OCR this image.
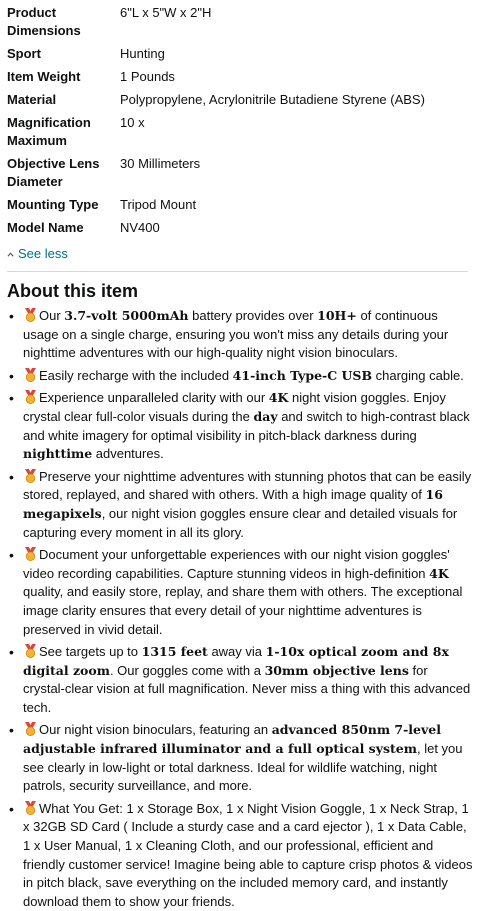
Product Dimensions	6"L x 5"W x 2"H
Sport	Hunting
Item Weight	1 Pounds
Material	Polypropylene, Acrylonitrile Butadiene Styrene (ABS)
Magnification Maximum	10 x
Objective Lens Diameter	30 Millimeters
Mounting Type	Tripod Mount
Model Name	NV400
See less
About this item
• Our 3.7-volt 5000mAh battery provides over 10H+ of continuous usage on a single charge, ensuring you won't miss any details during your nighttime adventures with our high-quality night vision binoculars.
• Easily recharge with the included 41-inch Type-C USB charging cable.
• Experience unparalleled clarity with our 4K night vision goggles. Enjoy crystal clear full-color visuals during the day and switch to high-contrast black and white imagery for optimal visibility in pitch-black darkness during nighttime adventures.
• Preserve your nighttime adventures with stunning photos that can be easily stored, replayed, and shared with others. With a high image quality of 16 megapixels, our night vision goggles ensure clear and detailed visuals for capturing every moment in all its glory.
• Document your unforgettable experiences with our night vision goggles' video recording capabilities. Capture stunning videos in high-definition 4K quality, and easily store, replay, and share them with others. The exceptional image clarity ensures that every detail of your nighttime adventures is preserved in vivid detail.
• See targets up to 1315 feet away via 1-10x optical zoom and 8x digital zoom. Our goggles come with a 30mm objective lens for crystal-clear vision at full magnification. Never miss a thing with this advanced tech.
• Our night vision binoculars, featuring an advanced 850nm 7-level adjustable infrared illuminator and a full optical system, let you see clearly in low-light or total darkness. Ideal for wildlife watching, night patrols, security surveillance, and more.
• What You Get: 1 x Storage Box, 1 x Night Vision Goggle, 1 x Neck Strap, 1 x 32GB SD Card ( Include a sturdy case and a card ejector ), 1 x Data Cable, 1 x User Manual, 1 x Cleaning Cloth, and our professional, efficient and friendly customer service! Imagine being able to capture crisp photos & videos in pitch black, save everything on the included memory card, and instantly download them to show your friends.
